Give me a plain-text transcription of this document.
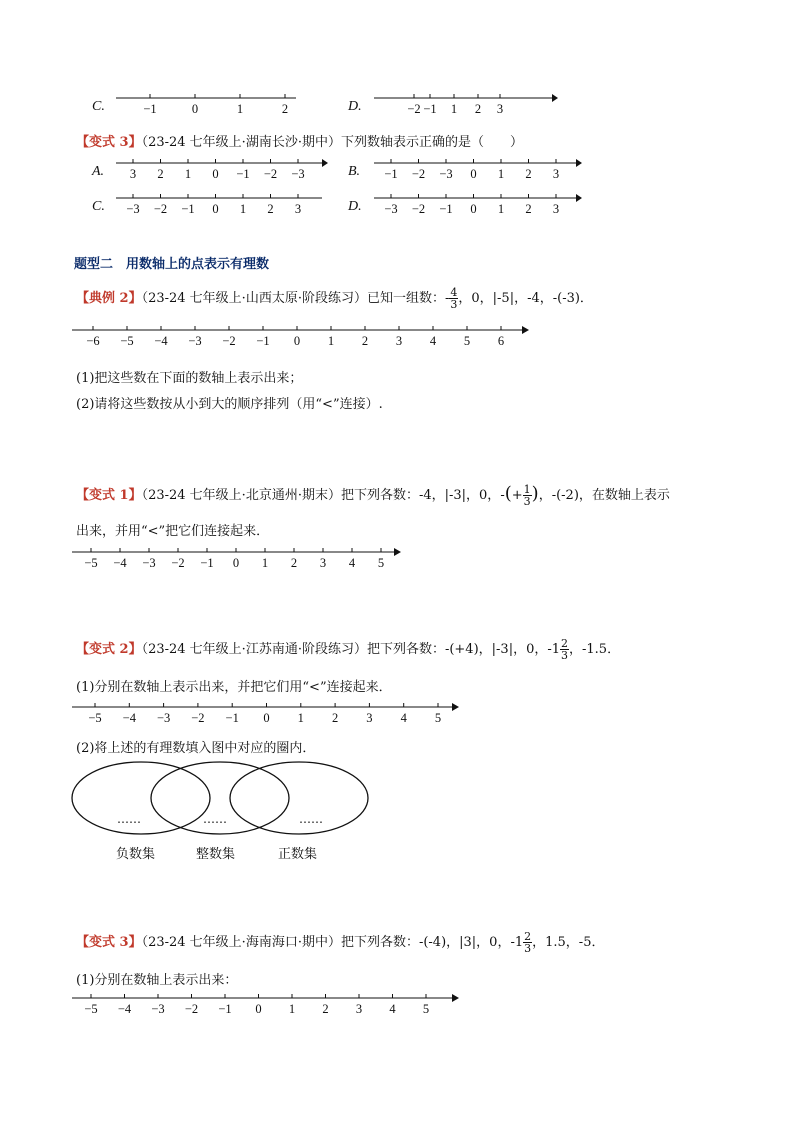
C.	−1	0	1	2	D.	−2 −1 1 2 3
【变式 3】（23-24 七年级上·湖南长沙·期中）下列数轴表示正确的是（　　）
A. 3 2 1 0 −1 −2 −3	B. −1 −2 −3 0 1 2 3
C. −3 −2 −1 0 1 2 3	D. −3 −2 −1 0 1 2 3
题型二　用数轴上的点表示有理数
【典例 2】（23-24 七年级上·山西太原·阶段练习）已知一组数：- $\frac{4}{3}$ ，0，|-5|，-4，-(-3)．
−6 −5 −4 −3 −2 −1 0 1 2 3 4 5 6
(1)把这些数在下面的数轴上表示出来；
(2)请将这些数按从小到大的顺序排列（用“<”连接）.
【变式 1】（23-24 七年级上·北京通州·期末）把下列各数：-4，|-3|，0，-(+ $\frac{1}{3}$ )，-(-2)，在数轴上表示
出来，并用“<”把它们连接起来．
−5 −4 −3 −2 −1 0 1 2 3 4 5
【变式 2】（23-24 七年级上·江苏南通·阶段练习）把下列各数：-(+4)，|-3|，0，$-1 \frac{2}{3}$ ，-1.5．
(1)分别在数轴上表示出来，并把它们用“<”连接起来．
−5 −4 −3 −2 −1 0 1 2 3 4 5
(2)将上述的有理数填入图中对应的圈内．
……	……	……
负数集	整数集	正数集
【变式 3】（23-24 七年级上·海南海口·期中）把下列各数：-(-4)，|3|，0，$-1 \frac{2}{3}$ ，1.5，-5．
(1)分别在数轴上表示出来：
−5 −4 −3 −2 −1 0 1 2 3 4 5
